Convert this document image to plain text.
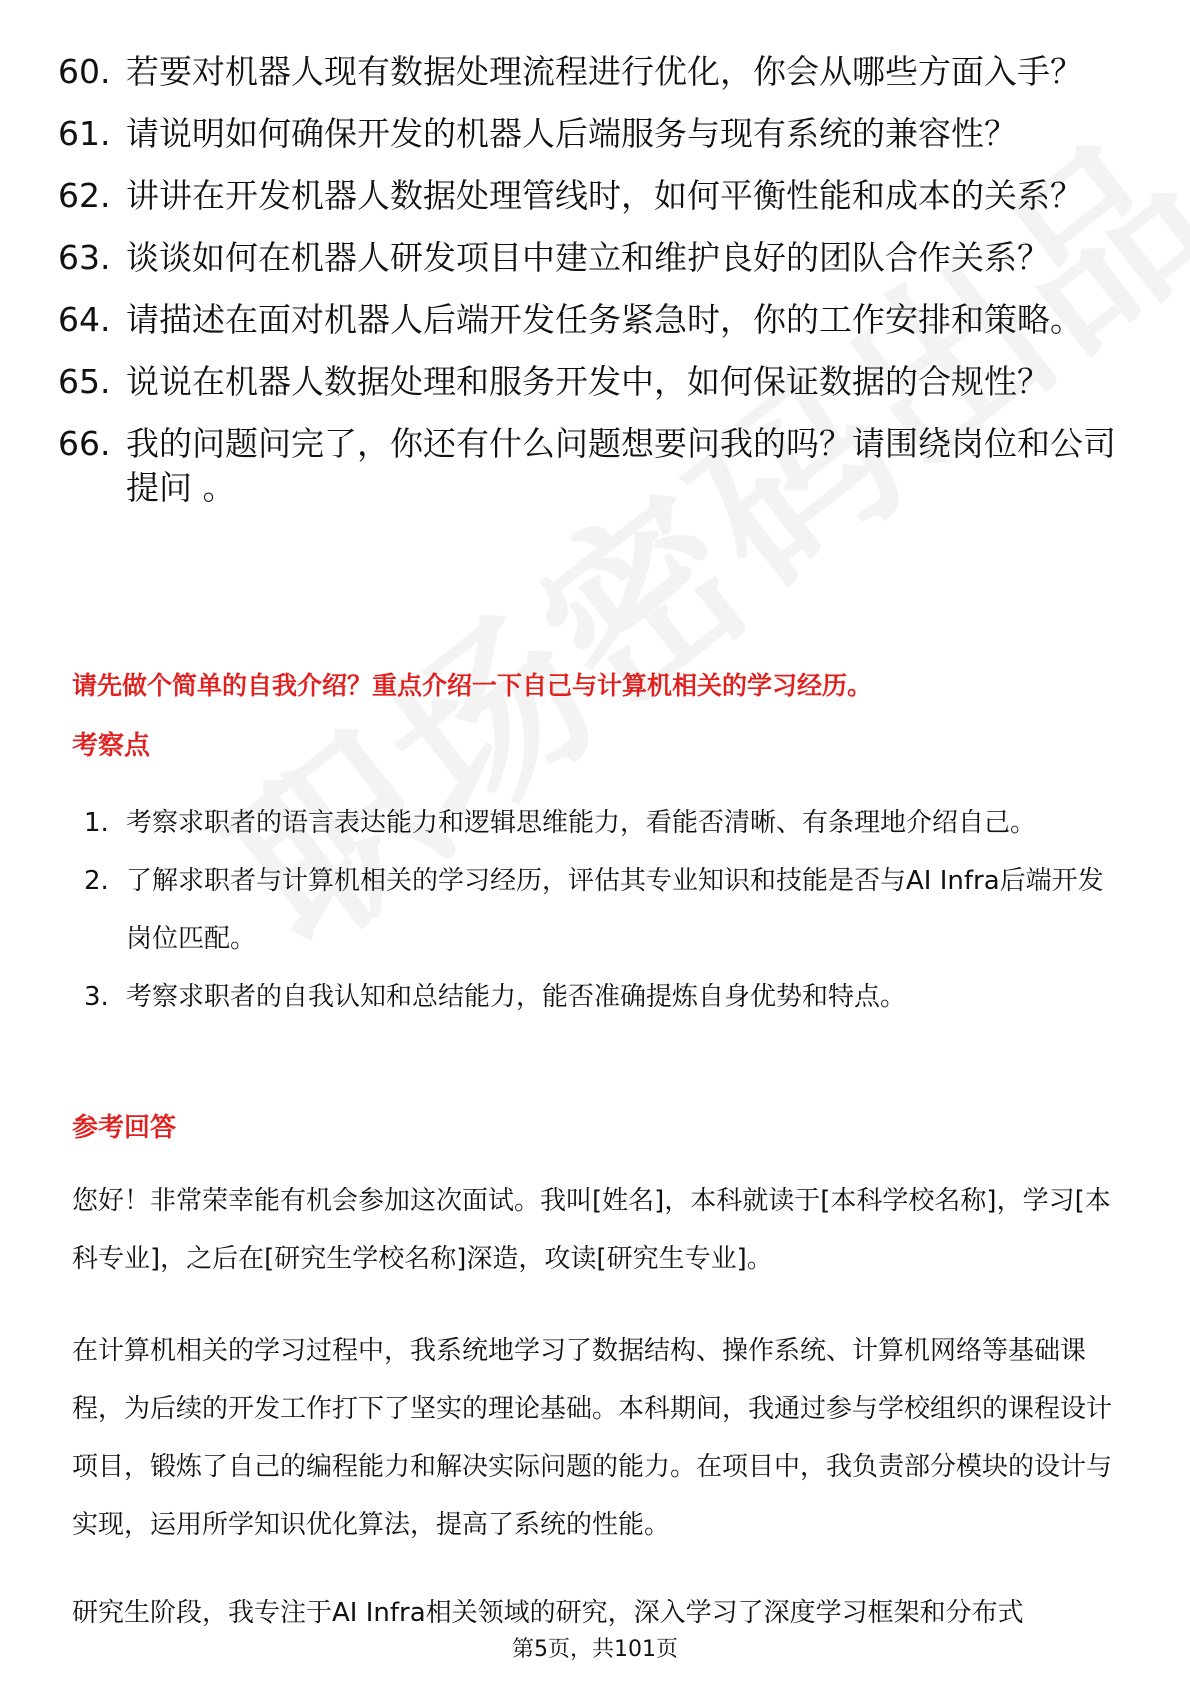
60. 若要对机器人现有数据处理流程进行优化，你会从哪些方面入手？
61. 请说明如何确保开发的机器人后端服务与现有系统的兼容性？
62. 讲讲在开发机器人数据处理管线时，如何平衡性能和成本的关系？
63. 谈谈如何在机器人研发项目中建立和维护良好的团队合作关系？
64. 请描述在面对机器人后端开发任务紧急时，你的工作安排和策略。
65. 说说在机器人数据处理和服务开发中，如何保证数据的合规性？
66. 我的问题问完了，你还有什么问题想要问我的吗？请围绕岗位和公司提问 。
请先做个简单的自我介绍？重点介绍一下自己与计算机相关的学习经历。
考察点
1. 考察求职者的语言表达能力和逻辑思维能力，看能否清晰、有条理地介绍自己。
2. 了解求职者与计算机相关的学习经历，评估其专业知识和技能是否与AI Infra后端开发岗位匹配。
3. 考察求职者的自我认知和总结能力，能否准确提炼自身优势和特点。
参考回答
您好！非常荣幸能有机会参加这次面试。我叫[姓名]，本科就读于[本科学校名称]，学习[本科专业]，之后在[研究生学校名称]深造，攻读[研究生专业]。
在计算机相关的学习过程中，我系统地学习了数据结构、操作系统、计算机网络等基础课程，为后续的开发工作打下了坚实的理论基础。本科期间，我通过参与学校组织的课程设计项目，锻炼了自己的编程能力和解决实际问题的能力。在项目中，我负责部分模块的设计与实现，运用所学知识优化算法，提高了系统的性能。
研究生阶段，我专注于AI Infra相关领域的研究，深入学习了深度学习框架和分布式
第5页，共101页
